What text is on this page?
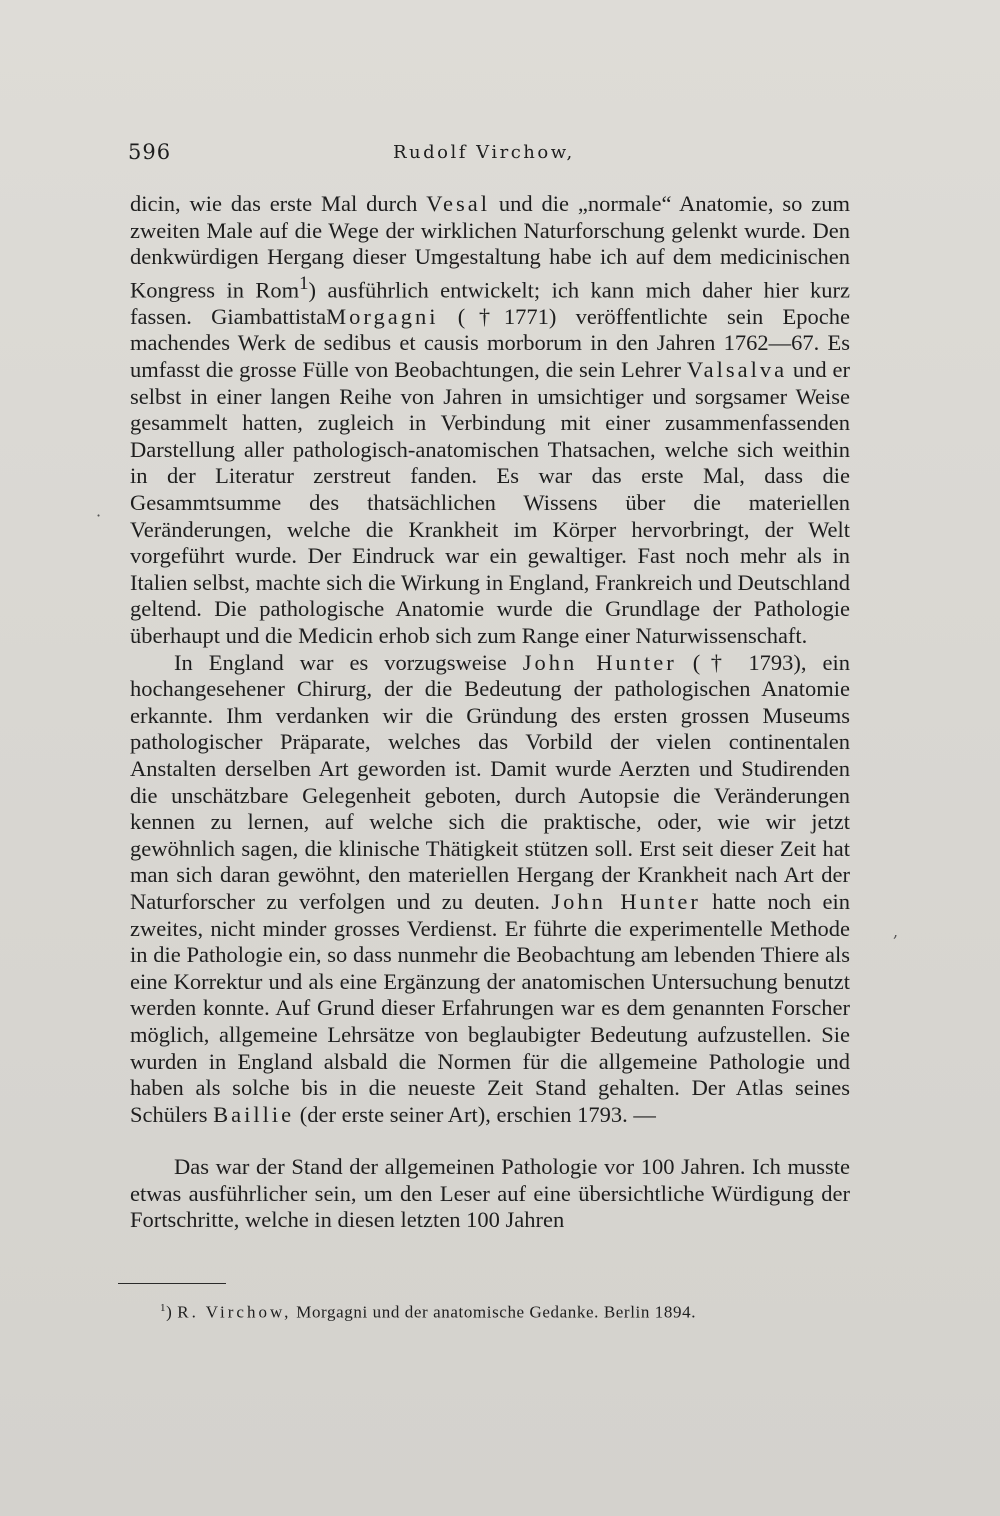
596	Rudolf Virchow,

dicin, wie das erste Mal durch Vesal und die „normale“ Anatomie, so zum zweiten Male auf die Wege der wirklichen Naturforschung gelenkt wurde. Den denkwürdigen Hergang dieser Umgestaltung habe ich auf dem medicinischen Kongress in Rom$^1$) ausführlich entwickelt; ich kann mich daher hier kurz fassen. GiambattistaMorgagni (†1771) veröffentlichte sein Epoche machendes Werk de sedibus et causis morborum in den Jahren 1762—67. Es umfasst die grosse Fülle von Beobachtungen, die sein Lehrer Valsalva und er selbst in einer langen Reihe von Jahren in umsichtiger und sorgsamer Weise gesammelt hatten, zugleich in Verbindung mit einer zusammenfassenden Darstellung aller pathologisch-anatomischen Thatsachen, welche sich weithin in der Literatur zerstreut fanden. Es war das erste Mal, dass die Gesammtsumme des thatsächlichen Wissens über die materiellen Veränderungen, welche die Krankheit im Körper hervorbringt, der Welt vorgeführt wurde. Der Eindruck war ein gewaltiger. Fast noch mehr als in Italien selbst, machte sich die Wirkung in England, Frankreich und Deutschland geltend. Die pathologische Anatomie wurde die Grundlage der Pathologie überhaupt und die Medicin erhob sich zum Range einer Naturwissenschaft.

In England war es vorzugsweise John Hunter († 1793), ein hochangesehener Chirurg, der die Bedeutung der pathologischen Anatomie erkannte. Ihm verdanken wir die Gründung des ersten grossen Museums pathologischer Präparate, welches das Vorbild der vielen continentalen Anstalten derselben Art geworden ist. Damit wurde Aerzten und Studirenden die unschätzbare Gelegenheit geboten, durch Autopsie die Veränderungen kennen zu lernen, auf welche sich die praktische, oder, wie wir jetzt gewöhnlich sagen, die klinische Thätigkeit stützen soll. Erst seit dieser Zeit hat man sich daran gewöhnt, den materiellen Hergang der Krankheit nach Art der Naturforscher zu verfolgen und zu deuten. John Hunter hatte noch ein zweites, nicht minder grosses Verdienst. Er führte die experimentelle Methode in die Pathologie ein, so dass nunmehr die Beobachtung am lebenden Thiere als eine Korrektur und als eine Ergänzung der anatomischen Untersuchung benutzt werden konnte. Auf Grund dieser Erfahrungen war es dem genannten Forscher möglich, allgemeine Lehrsätze von beglaubigter Bedeutung aufzustellen. Sie wurden in England alsbald die Normen für die allgemeine Pathologie und haben als solche bis in die neueste Zeit Stand gehalten. Der Atlas seines Schülers Baillie (der erste seiner Art), erschien 1793. —

Das war der Stand der allgemeinen Pathologie vor 100 Jahren. Ich musste etwas ausführlicher sein, um den Leser auf eine übersichtliche Würdigung der Fortschritte, welche in diesen letzten 100 Jahren

$^1$) R. Virchow, Morgagni und der anatomische Gedanke. Berlin 1894.
·
,
